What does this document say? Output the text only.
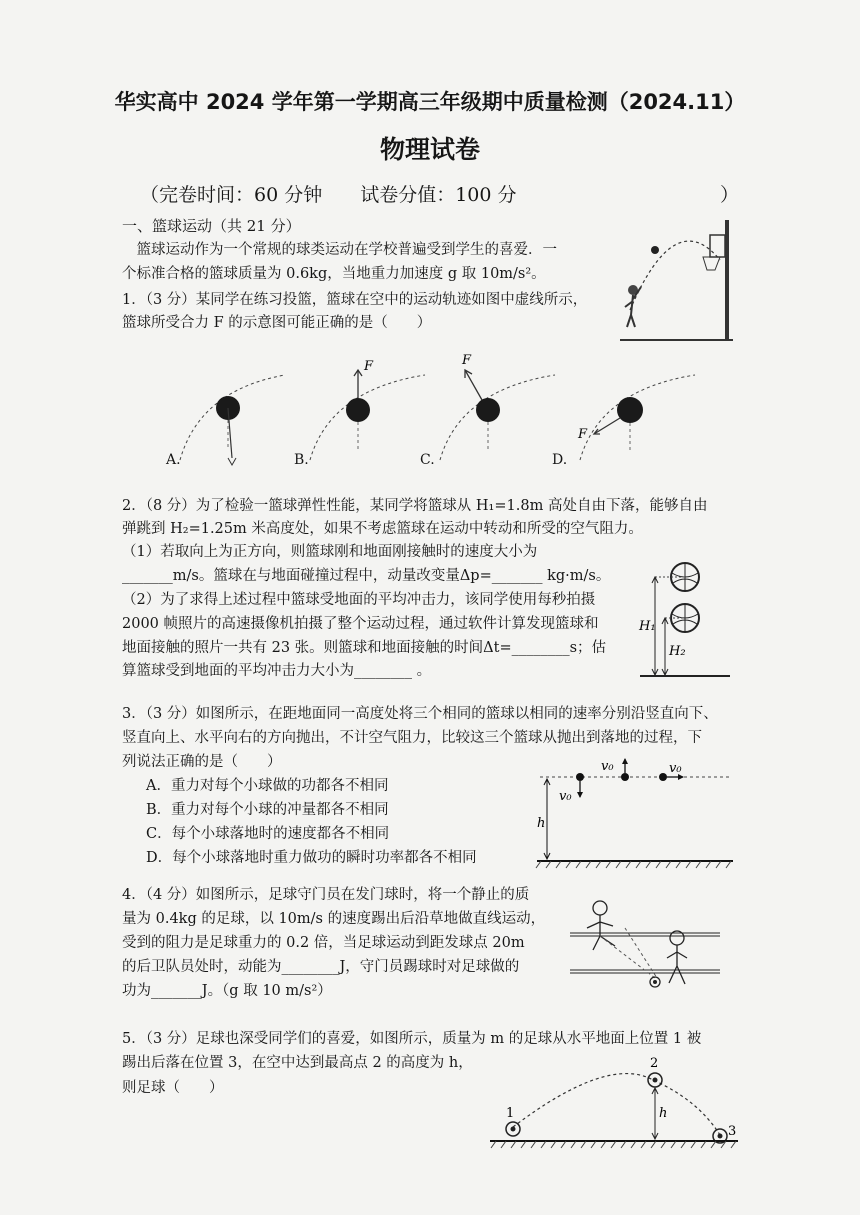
华实高中 2024 学年第一学期高三年级期中质量检测（2024.11）
物理试卷
（完卷时间：60 分钟　　试卷分值：100 分	）

一、篮球运动（共 21 分）

　篮球运动作为一个常规的球类运动在学校普遍受到学生的喜爱．一

个标准合格的篮球质量为 0.6kg，当地重力加速度 g 取 10m/s²。

1．（3 分）某同学在练习投篮，篮球在空中的运动轨迹如图中虚线所示，

篮球所受合力 F 的示意图可能正确的是（　　）

A.
F
B.
F
C.
F
D.

2．（8 分）为了检验一篮球弹性性能，某同学将篮球从 H₁=1.8m 高处自由下落，能够自由

弹跳到 H₂=1.25m 米高度处，如果不考虑篮球在运动中转动和所受的空气阻力。

（1）若取向上为正方向，则篮球刚和地面刚接触时的速度大小为

_______m/s。篮球在与地面碰撞过程中，动量改变量Δp=_______ kg·m/s。

（2）为了求得上述过程中篮球受地面的平均冲击力，该同学使用每秒拍摄

2000 帧照片的高速摄像机拍摄了整个运动过程，通过软件计算发现篮球和

地面接触的照片一共有 23 张。则篮球和地面接触的时间Δt=________s；估

算篮球受到地面的平均冲击力大小为________ 。

H₁
H₂

3．（3 分）如图所示，在距地面同一高度处将三个相同的篮球以相同的速率分别沿竖直向下、

竖直向上、水平向右的方向抛出，不计空气阻力，比较这三个篮球从抛出到落地的过程，下

列说法正确的是（　　）

A．重力对每个小球做的功都各不相同

B．重力对每个小球的冲量都各不相同

C．每个小球落地时的速度都各不相同

D．每个小球落地时重力做功的瞬时功率都各不相同

v₀
v₀	v₀
h

4．（4 分）如图所示，足球守门员在发门球时，将一个静止的质

量为 0.4kg 的足球，以 10m/s 的速度踢出后沿草地做直线运动，

受到的阻力是足球重力的 0.2 倍，当足球运动到距发球点 20m

的后卫队员处时，动能为________J，守门员踢球时对足球做的

功为_______J。（g 取 10 m/s²）

5．（3 分）足球也深受同学们的喜爱，如图所示，质量为 m 的足球从水平地面上位置 1 被

踢出后落在位置 3，在空中达到最高点 2 的高度为 h，

则足球（　　）

1
2
3
h
